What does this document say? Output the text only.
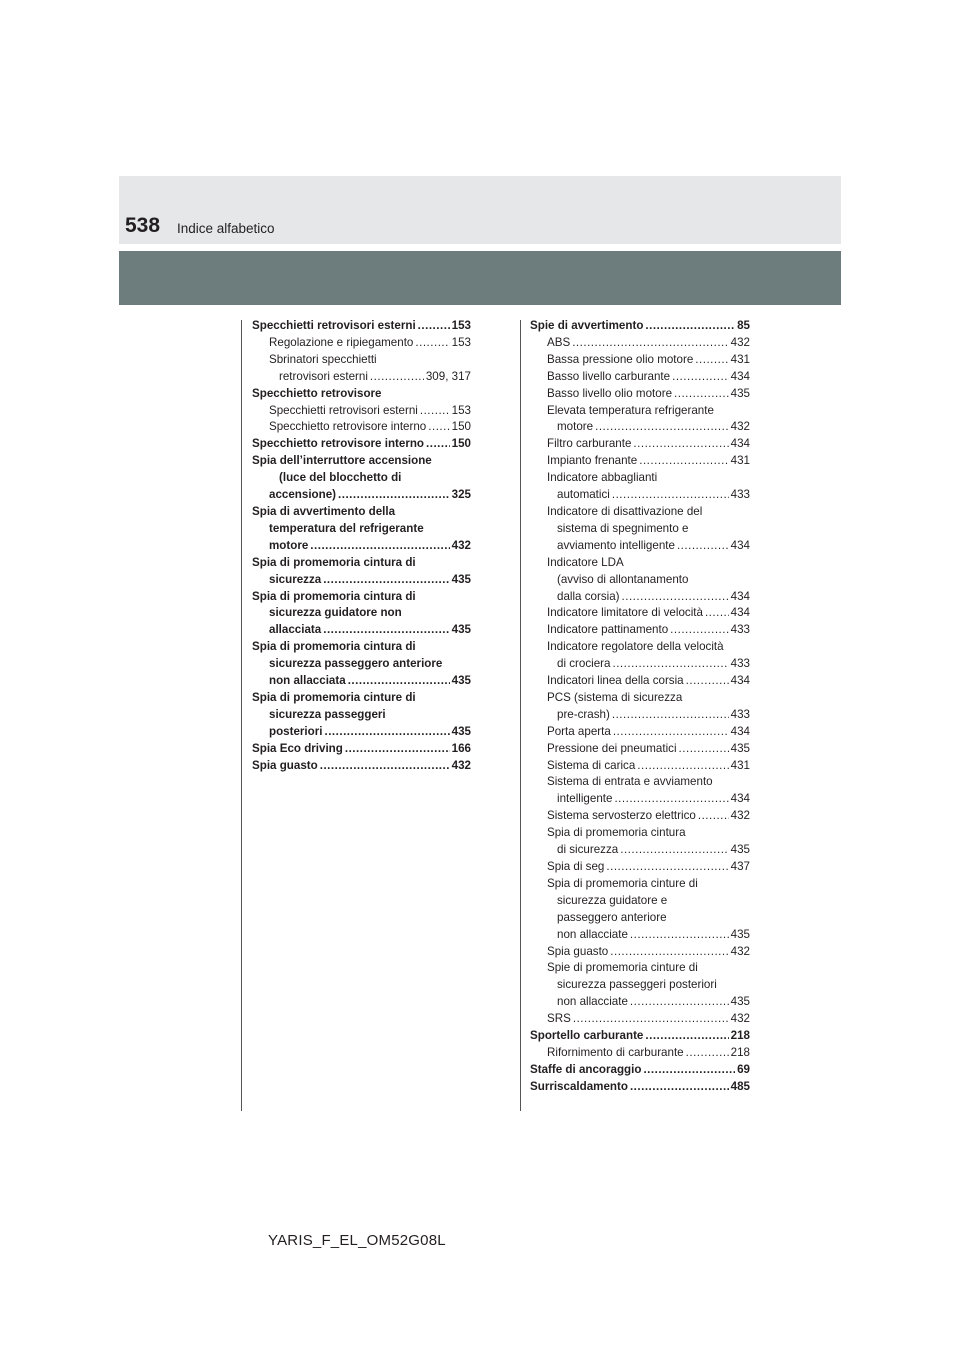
538 Indice alfabetico
Specchietti retrovisori esterni .....	153
Regolazione e ripiegamento .....	153
Sbrinatori specchietti
retrovisori esterni .....	309, 317
Specchietto retrovisore
Specchietti retrovisori esterni .....	153
Specchietto retrovisore interno ..... 150
Specchietto retrovisore interno ..... 150
Spia dell’interruttore accensione
(luce del blocchetto di
accensione) .....	325
Spia di avvertimento della
temperatura del refrigerante
motore .....	432
Spia di promemoria cintura di
sicurezza .....	435
Spia di promemoria cintura di
sicurezza guidatore non
allacciata .....	435
Spia di promemoria cintura di
sicurezza passeggero anteriore
non allacciata .....	435
Spia di promemoria cinture di
sicurezza passeggeri
posteriori .....	435
Spia Eco driving .....	166
Spia guasto .....	432
Spie di avvertimento .....	85
ABS .....	432
Bassa pressione olio motore .....	431
Basso livello carburante .....	434
Basso livello olio motore .....	435
Elevata temperatura refrigerante
motore .....	432
Filtro carburante .....	434
Impianto frenante .....	431
Indicatore abbaglianti
automatici .....	433
Indicatore di disattivazione del
sistema di spegnimento e
avviamento intelligente .....	434
Indicatore LDA
(avviso di allontanamento
dalla corsia) .....	434
Indicatore limitatore di velocità ..... 434
Indicatore pattinamento .....	433
Indicatore regolatore della velocità
di crociera .....	433
Indicatori linea della corsia .....	434
PCS (sistema di sicurezza
pre-crash) .....	433
Porta aperta .....	434
Pressione dei pneumatici .....	435
Sistema di carica .....	431
Sistema di entrata e avviamento
intelligente .....	434
Sistema servosterzo elettrico .....	432
Spia di promemoria cintura
di sicurezza .....	435
Spia di seg .....	437
Spia di promemoria cinture di
sicurezza guidatore e
passeggero anteriore
non allacciate .....	435
Spia guasto .....	432
Spie di promemoria cinture di
sicurezza passeggeri posteriori
non allacciate .....	435
SRS .....	432
Sportello carburante .....	218
Rifornimento di carburante .....	218
Staffe di ancoraggio .....	69
Surriscaldamento .....	485
YARIS_F_EL_OM52G08L
